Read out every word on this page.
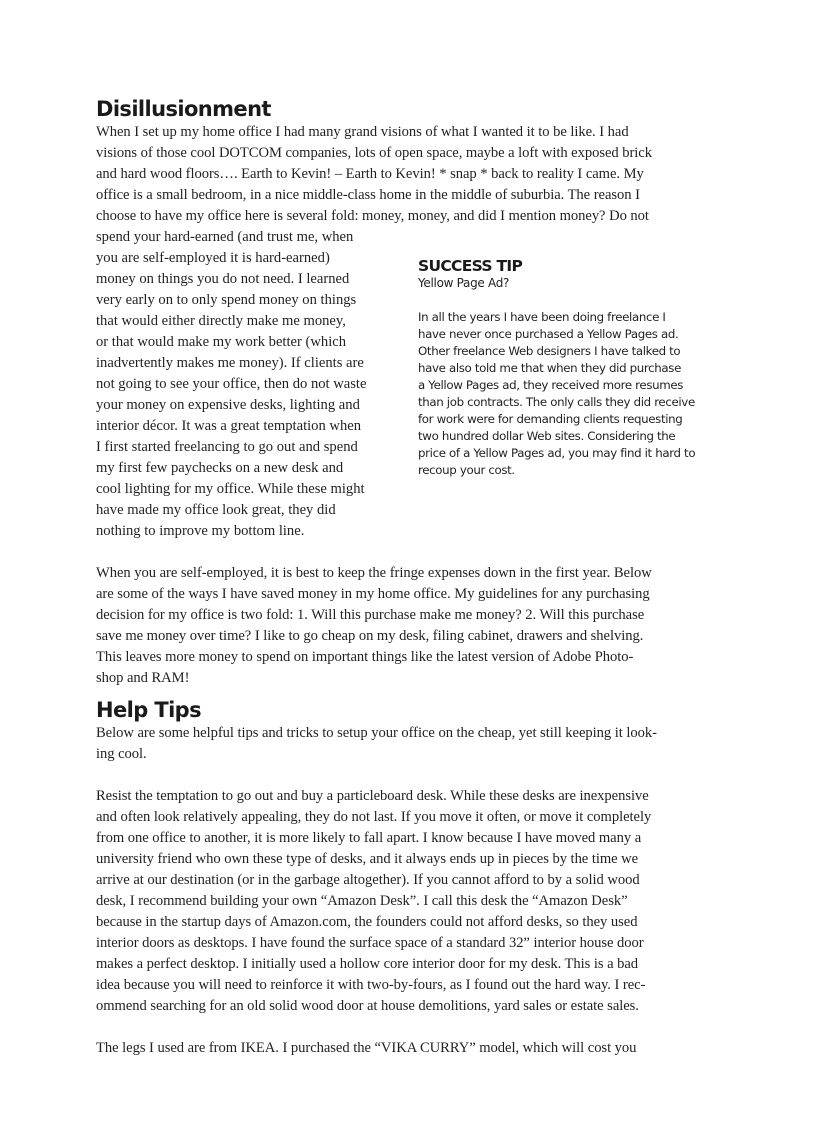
Disillusionment
When I set up my home office I had many grand visions of what I wanted it to be like. I had
visions of those cool DOTCOM companies, lots of open space, maybe a loft with exposed brick
and hard wood floors…. Earth to Kevin! – Earth to Kevin! * snap * back to reality I came. My
office is a small bedroom, in a nice middle-class home in the middle of suburbia. The reason I
choose to have my office here is several fold: money, money, and did I mention money? Do not
spend your hard-earned (and trust me, when
you are self-employed it is hard-earned)
money on things you do not need. I learned
very early on to only spend money on things
that would either directly make me money,
or that would make my work better (which
inadvertently makes me money). If clients are
not going to see your office, then do not waste
your money on expensive desks, lighting and
interior décor. It was a great temptation when
I first started freelancing to go out and spend
my first few paychecks on a new desk and
cool lighting for my office. While these might
have made my office look great, they did
nothing to improve my bottom line.
SUCCESS TIP

Yellow Page Ad?

In all the years I have been doing freelance I
have never once purchased a Yellow Pages ad.
Other freelance Web designers I have talked to
have also told me that when they did purchase
a Yellow Pages ad, they received more resumes
than job contracts. The only calls they did receive
for work were for demanding clients requesting
two hundred dollar Web sites. Considering the
price of a Yellow Pages ad, you may find it hard to
recoup your cost.
When you are self-employed, it is best to keep the fringe expenses down in the first year. Below
are some of the ways I have saved money in my home office. My guidelines for any purchasing
decision for my office is two fold: 1. Will this purchase make me money? 2. Will this purchase
save me money over time? I like to go cheap on my desk, filing cabinet, drawers and shelving.
This leaves more money to spend on important things like the latest version of Adobe Photo-
shop and RAM!
Help Tips
Below are some helpful tips and tricks to setup your office on the cheap, yet still keeping it look-
ing cool.
Resist the temptation to go out and buy a particleboard desk. While these desks are inexpensive
and often look relatively appealing, they do not last. If you move it often, or move it completely
from one office to another, it is more likely to fall apart. I know because I have moved many a
university friend who own these type of desks, and it always ends up in pieces by the time we
arrive at our destination (or in the garbage altogether). If you cannot afford to by a solid wood
desk, I recommend building your own “Amazon Desk”. I call this desk the “Amazon Desk”
because in the startup days of Amazon.com, the founders could not afford desks, so they used
interior doors as desktops. I have found the surface space of a standard 32” interior house door
makes a perfect desktop. I initially used a hollow core interior door for my desk. This is a bad
idea because you will need to reinforce it with two-by-fours, as I found out the hard way. I rec-
ommend searching for an old solid wood door at house demolitions, yard sales or estate sales.
The legs I used are from IKEA. I purchased the “VIKA CURRY” model, which will cost you
